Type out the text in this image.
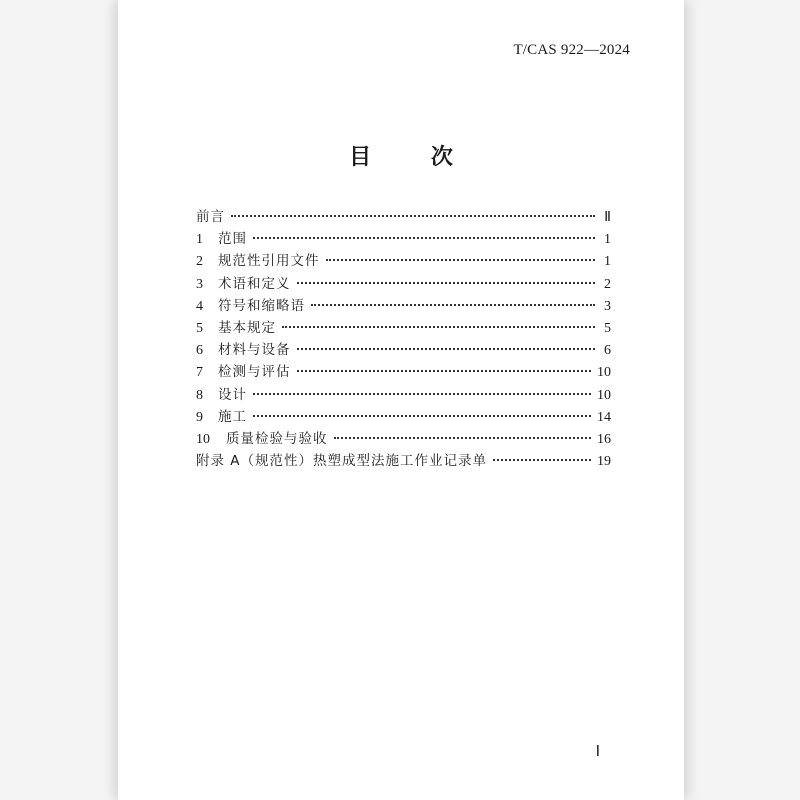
T/CAS 922—2024
目 次
前言	Ⅱ
1	范围	1
2	规范性引用文件	1
3	术语和定义	2
4	符号和缩略语	3
5	基本规定	5
6	材料与设备	6
7	检测与评估	10
8	设计	10
9	施工	14
10	质量检验与验收	16
附录 A（规范性）热塑成型法施工作业记录单	19
Ⅰ
